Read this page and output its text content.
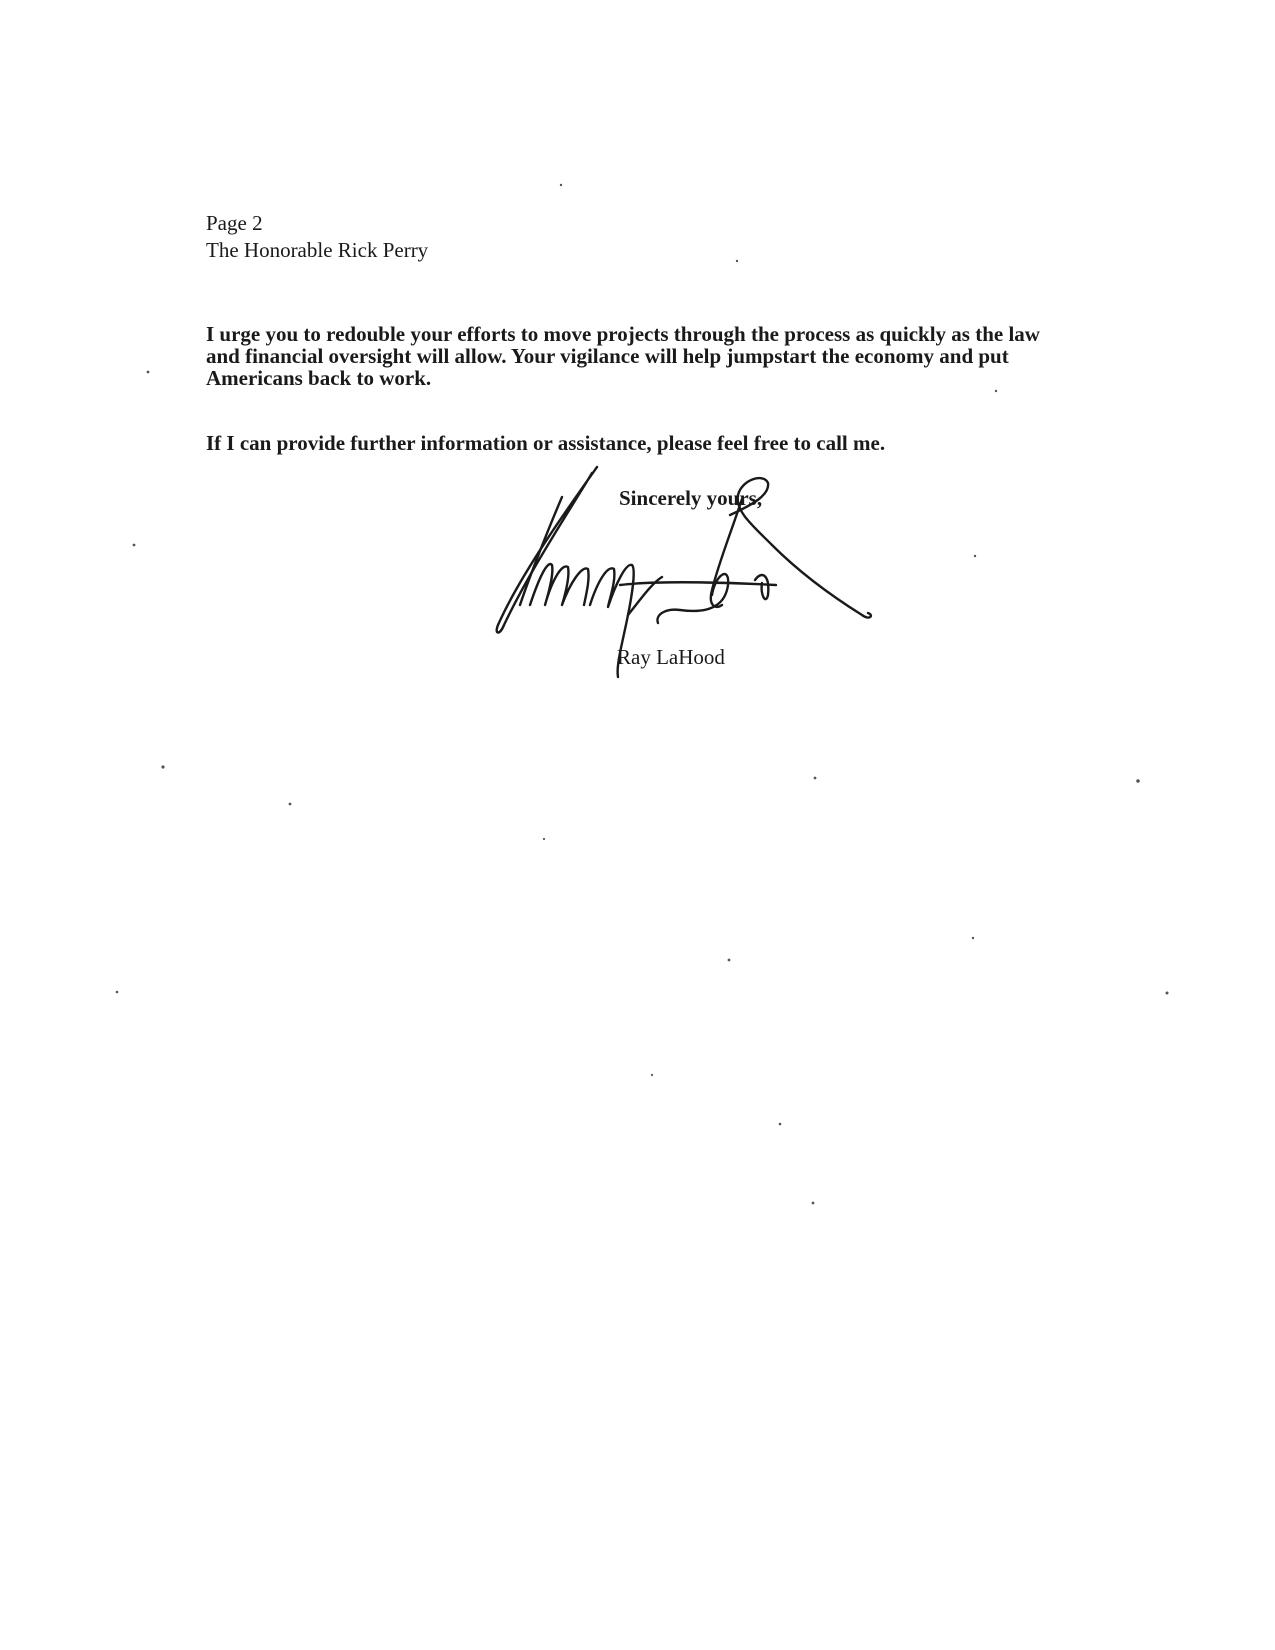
Page 2
The Honorable Rick Perry
I urge you to redouble your efforts to move projects through the process as quickly as the law
and financial oversight will allow. Your vigilance will help jumpstart the economy and put
Americans back to work.
If I can provide further information or assistance, please feel free to call me.
Sincerely yours,
Ray LaHood
